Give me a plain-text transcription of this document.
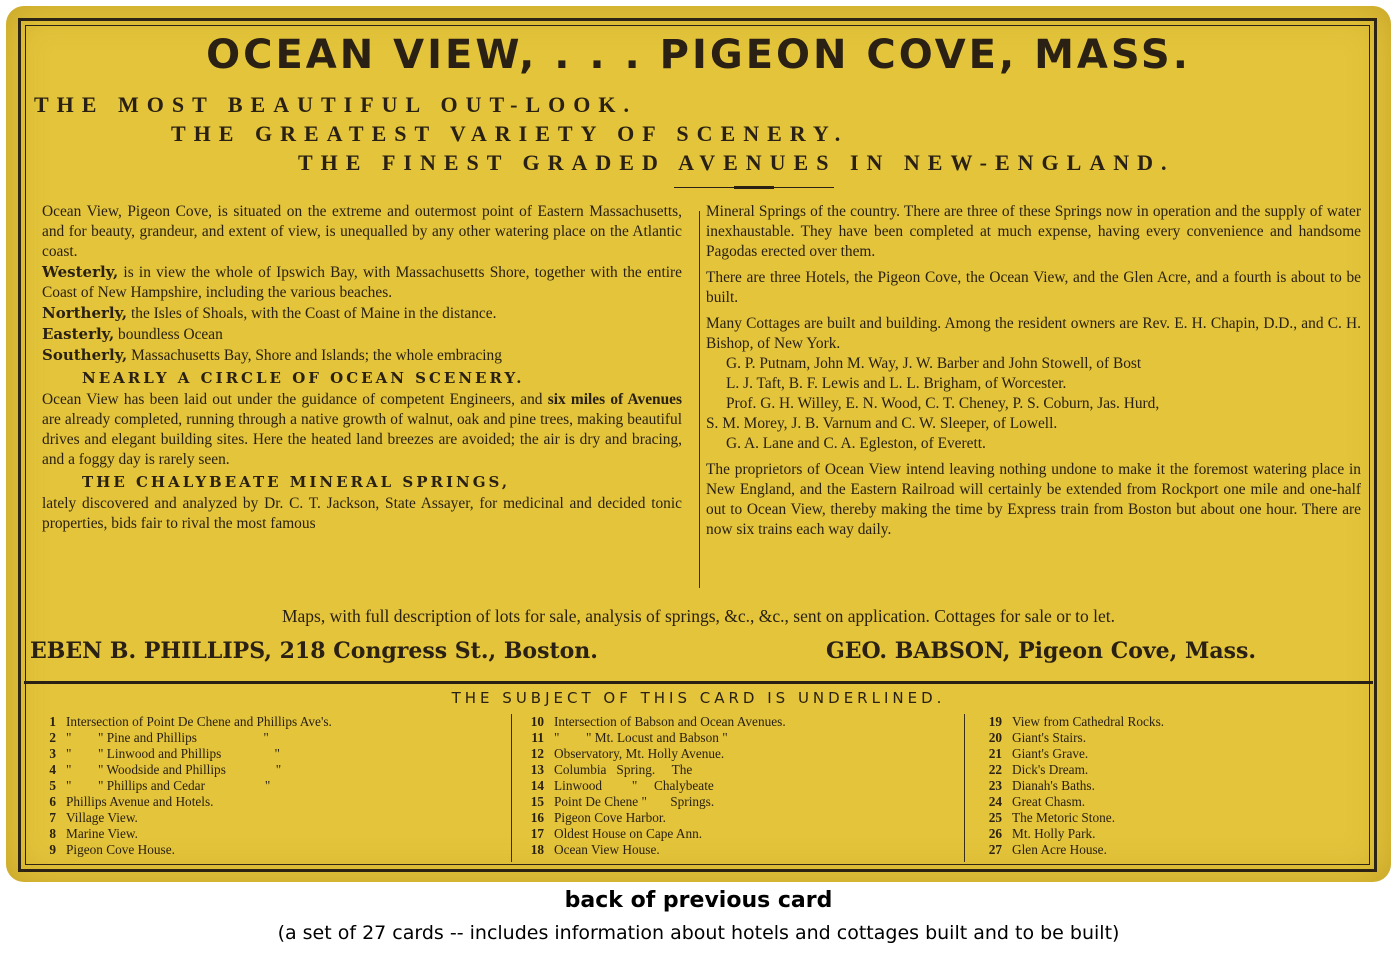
OCEAN VIEW, . . . PIGEON COVE, MASS.
THE MOST BEAUTIFUL OUT-LOOK.
THE GREATEST VARIETY OF SCENERY.
THE FINEST GRADED AVENUES IN NEW-ENGLAND.

Ocean View, Pigeon Cove, is situated on the extreme and outermost point of Eastern Massachusetts, and for beauty, grandeur, and extent of view, is unequalled by any other watering place on the Atlantic coast.

Westerly, is in view the whole of Ipswich Bay, with Massachusetts Shore, together with the entire Coast of New Hampshire, including the various beaches.

Northerly, the Isles of Shoals, with the Coast of Maine in the distance.

Easterly, boundless Ocean

Southerly, Massachusetts Bay, Shore and Islands; the whole embracing

NEARLY A CIRCLE OF OCEAN SCENERY.

Ocean View has been laid out under the guidance of competent Engineers, and six miles of Avenues are already completed, running through a native growth of walnut, oak and pine trees, making beautiful drives and elegant building sites. Here the heated land breezes are avoided; the air is dry and bracing, and a foggy day is rarely seen.

THE CHALYBEATE MINERAL SPRINGS,

lately discovered and analyzed by Dr. C. T. Jackson, State Assayer, for medicinal and decided tonic properties, bids fair to rival the most famous

Mineral Springs of the country. There are three of these Springs now in operation and the supply of water inexhaustable. They have been completed at much expense, having every convenience and handsome Pagodas erected over them.

There are three Hotels, the Pigeon Cove, the Ocean View, and the Glen Acre, and a fourth is about to be built.

Many Cottages are built and building. Among the resident owners are Rev. E. H. Chapin, D.D., and C. H. Bishop, of New York.

G. P. Putnam, John M. Way, J. W. Barber and John Stowell, of Bost

L. J. Taft, B. F. Lewis and L. L. Brigham, of Worcester.

Prof. G. H. Willey, E. N. Wood, C. T. Cheney, P. S. Coburn, Jas. Hurd,

S. M. Morey, J. B. Varnum and C. W. Sleeper, of Lowell.

G. A. Lane and C. A. Egleston, of Everett.

The proprietors of Ocean View intend leaving nothing undone to make it the foremost watering place in New England, and the Eastern Railroad will certainly be extended from Rockport one mile and one-half out to Ocean View, thereby making the time by Express train from Boston but about one hour. There are now six trains each way daily.

Maps, with full description of lots for sale, analysis of springs, &c., &c., sent on application. Cottages for sale or to let.
EBEN B. PHILLIPS, 218 Congress St., Boston.	GEO. BABSON, Pigeon Cove, Mass.
THE SUBJECT OF THIS CARD IS UNDERLINED.
1 Intersection of Point De Chene and Phillips Ave's.
2 "        " Pine and Phillips                    "
3 "        " Linwood and Phillips                "
4 "        " Woodside and Phillips               "
5 "        " Phillips and Cedar                  "
6 Phillips Avenue and Hotels.
7 Village View.
8 Marine View.
9 Pigeon Cove House.
10 Intersection of Babson and Ocean Avenues.
11 "        " Mt. Locust and Babson "
12 Observatory, Mt. Holly Avenue.
13 Columbia   Spring.     The
14 Linwood         "     Chalybeate
15 Point De Chene "       Springs.
16 Pigeon Cove Harbor.
17 Oldest House on Cape Ann.
18 Ocean View House.
19 View from Cathedral Rocks.
20 Giant's Stairs.
21 Giant's Grave.
22 Dick's Dream.
23 Dianah's Baths.
24 Great Chasm.
25 The Metoric Stone.
26 Mt. Holly Park.
27 Glen Acre House.
back of previous card
(a set of 27 cards -- includes information about hotels and cottages built and to be built)
